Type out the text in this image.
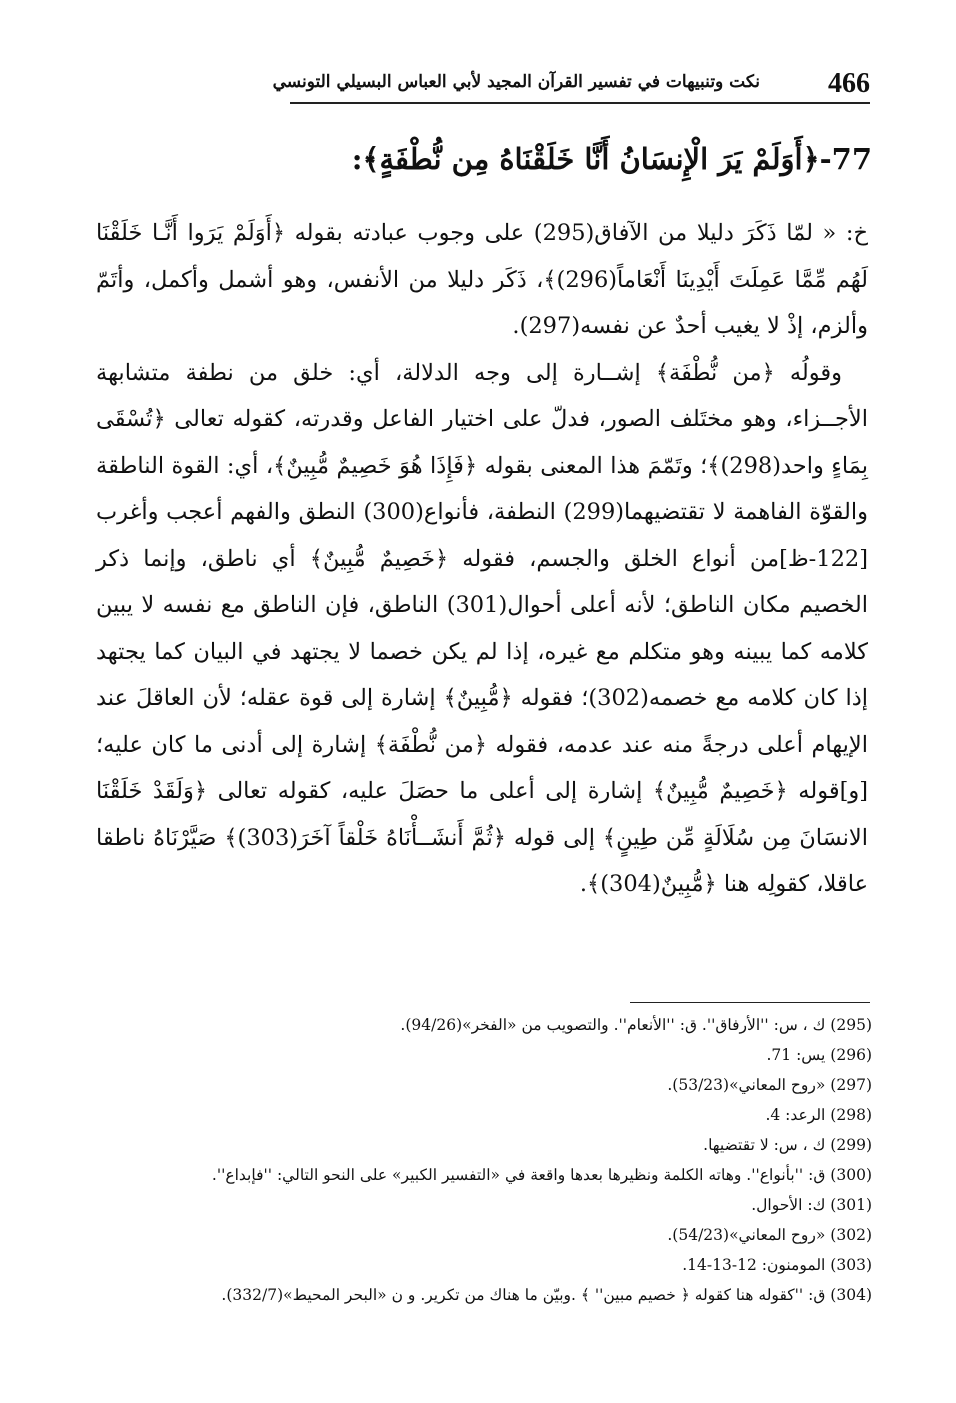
466
نكت وتنبيهات في تفسير القرآن المجيد لأبي العباس البسيلي التونسي
77-﴿أَوَلَمْ يَرَ الْإِنسَانُ أَنَّا خَلَقْنَاهُ مِن نُّطْفَةٍ﴾:

خ: « لمّا ذَكَرَ دليلا من الآفاق(295) على وجوب عبادته بقوله ﴿أَوَلَمْ يَرَوا أَنَّـا خَلَقْنَا لَهُم مِّمَّا عَمِلَتَ أَيْدِينَا أَنْعَاماً(296)﴾، ذَكَر دليلا من الأنفس، وهو أشمل وأكمل، وأتَمّ وألزم، إذْ لا يغيب أحدٌ عن نفسه(297).

وقولُه ﴿من نُّطْفَة﴾ إشــارة إلى وجه الدلالة، أي: خلق من نطفة متشابهة الأجــزاء، وهو مختَلف الصور، فدلّ على اختيار الفاعل وقدرته، كقوله تعالى ﴿تُسْقَى بِمَاءٍ واحد(298)﴾؛ وتَمّمَ هذا المعنى بقوله ﴿فَإِذَا هُوَ خَصِيمٌ مُّبِينٌ﴾، أي: القوة الناطقة والقوّة الفاهمة لا تقتضيهما(299) النطفة، فأنواع(300) النطق والفهم أعجب وأغرب [122-ظ]من أنواع الخلق والجسم، فقوله ﴿خَصِيمٌ مُّبِينٌ﴾ أي ناطق، وإنما ذكر الخصيم مكان الناطق؛ لأنه أعلى أحوال(301) الناطق، فإن الناطق مع نفسه لا يبين كلامه كما يبينه وهو متكلم مع غيره، إذا لم يكن خصما لا يجتهد في البيان كما يجتهد إذا كان كلامه مع خصمه(302)؛ فقوله ﴿مُّبِينٌ﴾ إشارة إلى قوة عقله؛ لأن العاقلَ عند الإيهام أعلى درجةً منه عند عدمه، فقوله ﴿من نُّطْفَة﴾ إشارة إلى أدنى ما كان عليه؛ [و]قوله ﴿خَصِيمٌ مُّبِينٌ﴾ إشارة إلى أعلى ما حصَلَ عليه، كقوله تعالى ﴿وَلَقَدْ خَلَقْنَا الانسَانَ مِن سُلَالَةٍ مِّن طِينٍ﴾ إلى قوله ﴿ثُمَّ أَنشَــأْنَاهُ خَلْقاً آخَرَ(303)﴾ صَيَّرْنَاهُ ناطقا عاقلا، كقولِه هنا ﴿مُّبِينٌ(304)﴾.

(295) ك ، س: ''الأرفاق''. ق: ''الأنعام''. والتصويب من «الفخر»(94/26).
(296) يس: 71.
(297) «روح المعاني»(53/23).
(298) الرعد: 4.
(299) ك ، س: لا تقتضيها.
(300) ق: ''بأنواع''. وهاته الكلمة ونظيرها بعدها واقعة في «التفسير الكبير» على النحو التالي: ''فإبداع''.
(301) ك: الأحوال.
(302) «روح المعاني»(54/23).
(303) المومنون: 12-13-14.
(304) ق: ''كقوله هنا كقوله ﴿ خصيم مبين'' ﴾ .وبيّن ما هناك من تكرير. و ن «البحر المحيط»(332/7).
